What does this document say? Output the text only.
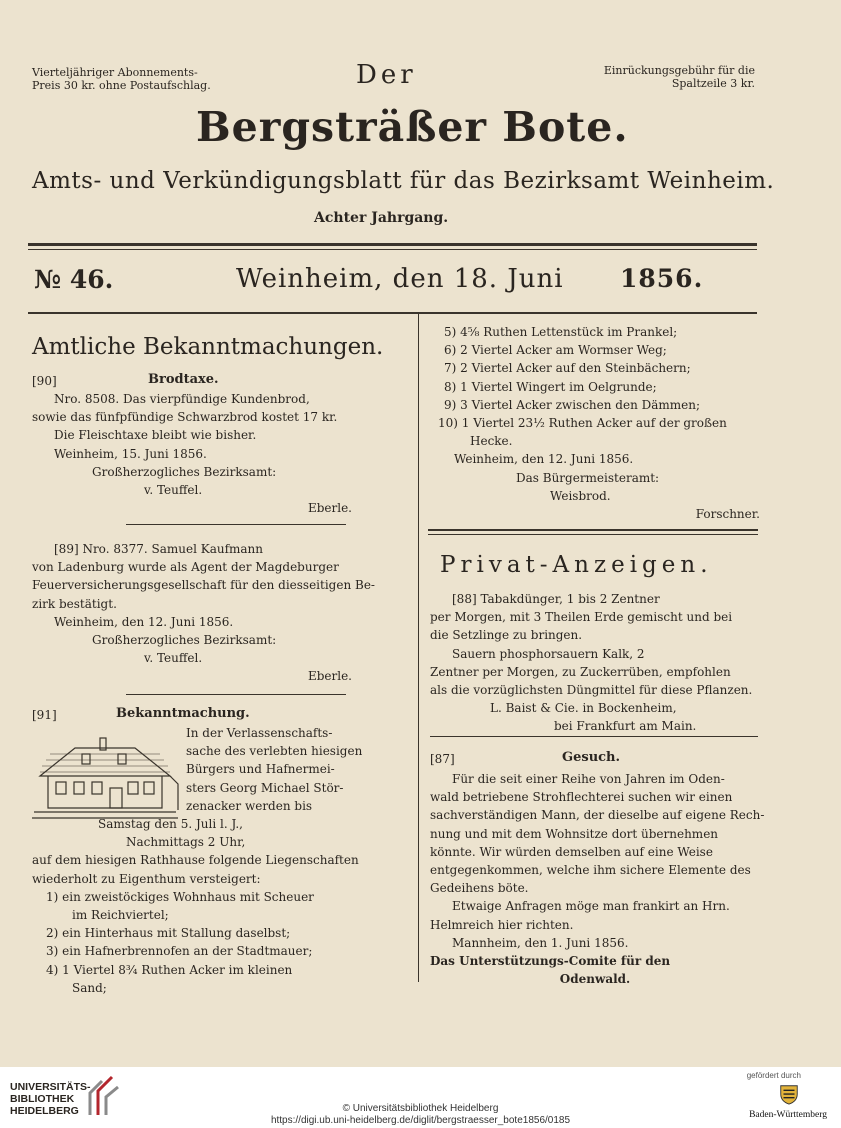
Vierteljähriger Abonnements-
Preis 30 kr. ohne Postaufschlag.	Der	Einrückungsgebühr für die
Spaltzeile 3 kr.
Bergsträßer Bote.
Amts- und Verkündigungsblatt für das Bezirksamt Weinheim.
Achter Jahrgang.
№ 46.	Weinheim, den 18. Juni 1856.
Amtliche Bekanntmachungen.
[90]	Brodtaxe.
Nro. 8508. Das vierpfündige Kundenbrod,
sowie das fünfpfündige Schwarzbrod kostet 17 kr.
Die Fleischtaxe bleibt wie bisher.
Weinheim, 15. Juni 1856.
Großherzogliches Bezirksamt:
v. Teuffel.
Eberle.
[89] Nro. 8377. Samuel Kaufmann
von Ladenburg wurde als Agent der Magdeburger
Feuerversicherungsgesellschaft für den diesseitigen Be-
zirk bestätigt.
Weinheim, den 12. Juni 1856.
Großherzogliches Bezirksamt:
v. Teuffel.
Eberle.
[91]	Bekanntmachung.
In der Verlassenschafts-
sache des verlebten hiesigen
Bürgers und Hafnermei-
sters Georg Michael Stör-
zenacker werden bis
Samstag den 5. Juli l. J.,
Nachmittags 2 Uhr,
auf dem hiesigen Rathhause folgende Liegenschaften
wiederholt zu Eigenthum versteigert:
1) ein zweistöckiges Wohnhaus mit Scheuer
im Reichviertel;
2) ein Hinterhaus mit Stallung daselbst;
3) ein Hafnerbrennofen an der Stadtmauer;
4) 1 Viertel 8¾ Ruthen Acker im kleinen
Sand;
5) 4⅝ Ruthen Lettenstück im Prankel;
6) 2 Viertel Acker am Wormser Weg;
7) 2 Viertel Acker auf den Steinbächern;
8) 1 Viertel Wingert im Oelgrunde;
9) 3 Viertel Acker zwischen den Dämmen;
10) 1 Viertel 23½ Ruthen Acker auf der großen
Hecke.
Weinheim, den 12. Juni 1856.
Das Bürgermeisteramt:
Weisbrod.
Forschner.
Privat-Anzeigen.
[88] Tabakdünger, 1 bis 2 Zentner
per Morgen, mit 3 Theilen Erde gemischt und bei
die Setzlinge zu bringen.
Sauern phosphorsauern Kalk, 2
Zentner per Morgen, zu Zuckerrüben, empfohlen
als die vorzüglichsten Düngmittel für diese Pflanzen.
L. Baist & Cie. in Bockenheim,
bei Frankfurt am Main.
[87]	Gesuch.
Für die seit einer Reihe von Jahren im Oden-
wald betriebene Strohflechterei suchen wir einen
sachverständigen Mann, der dieselbe auf eigene Rech-
nung und mit dem Wohnsitze dort übernehmen
könnte. Wir würden demselben auf eine Weise
entgegenkommen, welche ihm sichere Elemente des
Gedeihens böte.
Etwaige Anfragen möge man frankirt an Hrn.
Helmreich hier richten.
Mannheim, den 1. Juni 1856.
Das Unterstützungs-Comite für den
Odenwald.
UNIVERSITÄTS-
BIBLIOTHEK
HEIDELBERG	© Universitätsbibliothek Heidelberg
https://digi.ub.uni-heidelberg.de/diglit/bergstraesser_bote1856/0185
gefördert durch
Baden-Württemberg
